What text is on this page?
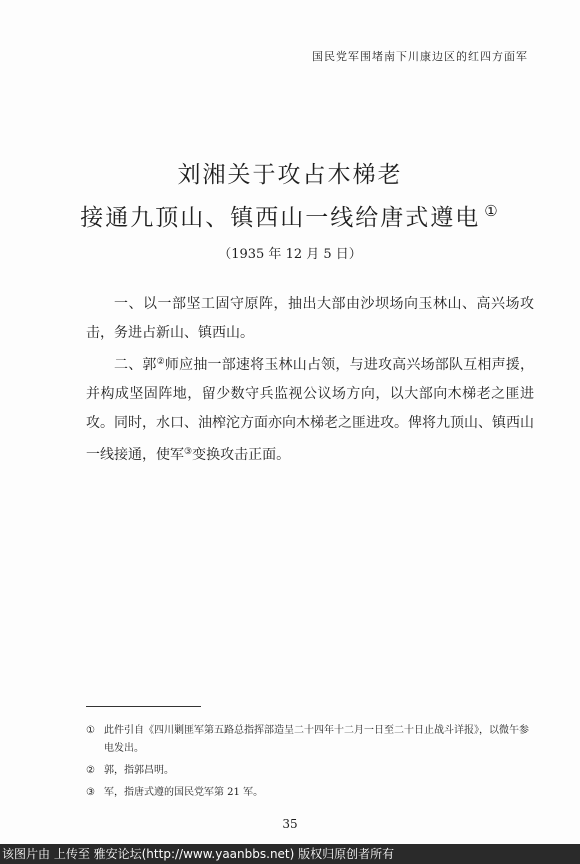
国民党军围堵南下川康边区的红四方面军
刘湘关于攻占木梯老
接通九顶山、镇西山一线给唐式遵电 ①
（1935 年 12 月 5 日）

一、以一部坚工固守原阵，抽出大部由沙坝场向玉林山、高兴场攻击，务进占新山、镇西山。

二、郭②师应抽一部速将玉林山占领，与进攻高兴场部队互相声援，并构成坚固阵地，留少数守兵监视公议场方向，以大部向木梯老之匪进攻。同时，水口、油榨沱方面亦向木梯老之匪进攻。俾将九顶山、镇西山一线接通，使军③变换攻击正面。

① 此件引自《四川剿匪军第五路总指挥部造呈二十四年十二月一日至二十日止战斗详报》，以微午参电发出。
② 郭，指郭昌明。
③ 军，指唐式遵的国民党军第 21 军。
35
该图片由 上传至 雅安论坛(http://www.yaanbbs.net) 版权归原创者所有
